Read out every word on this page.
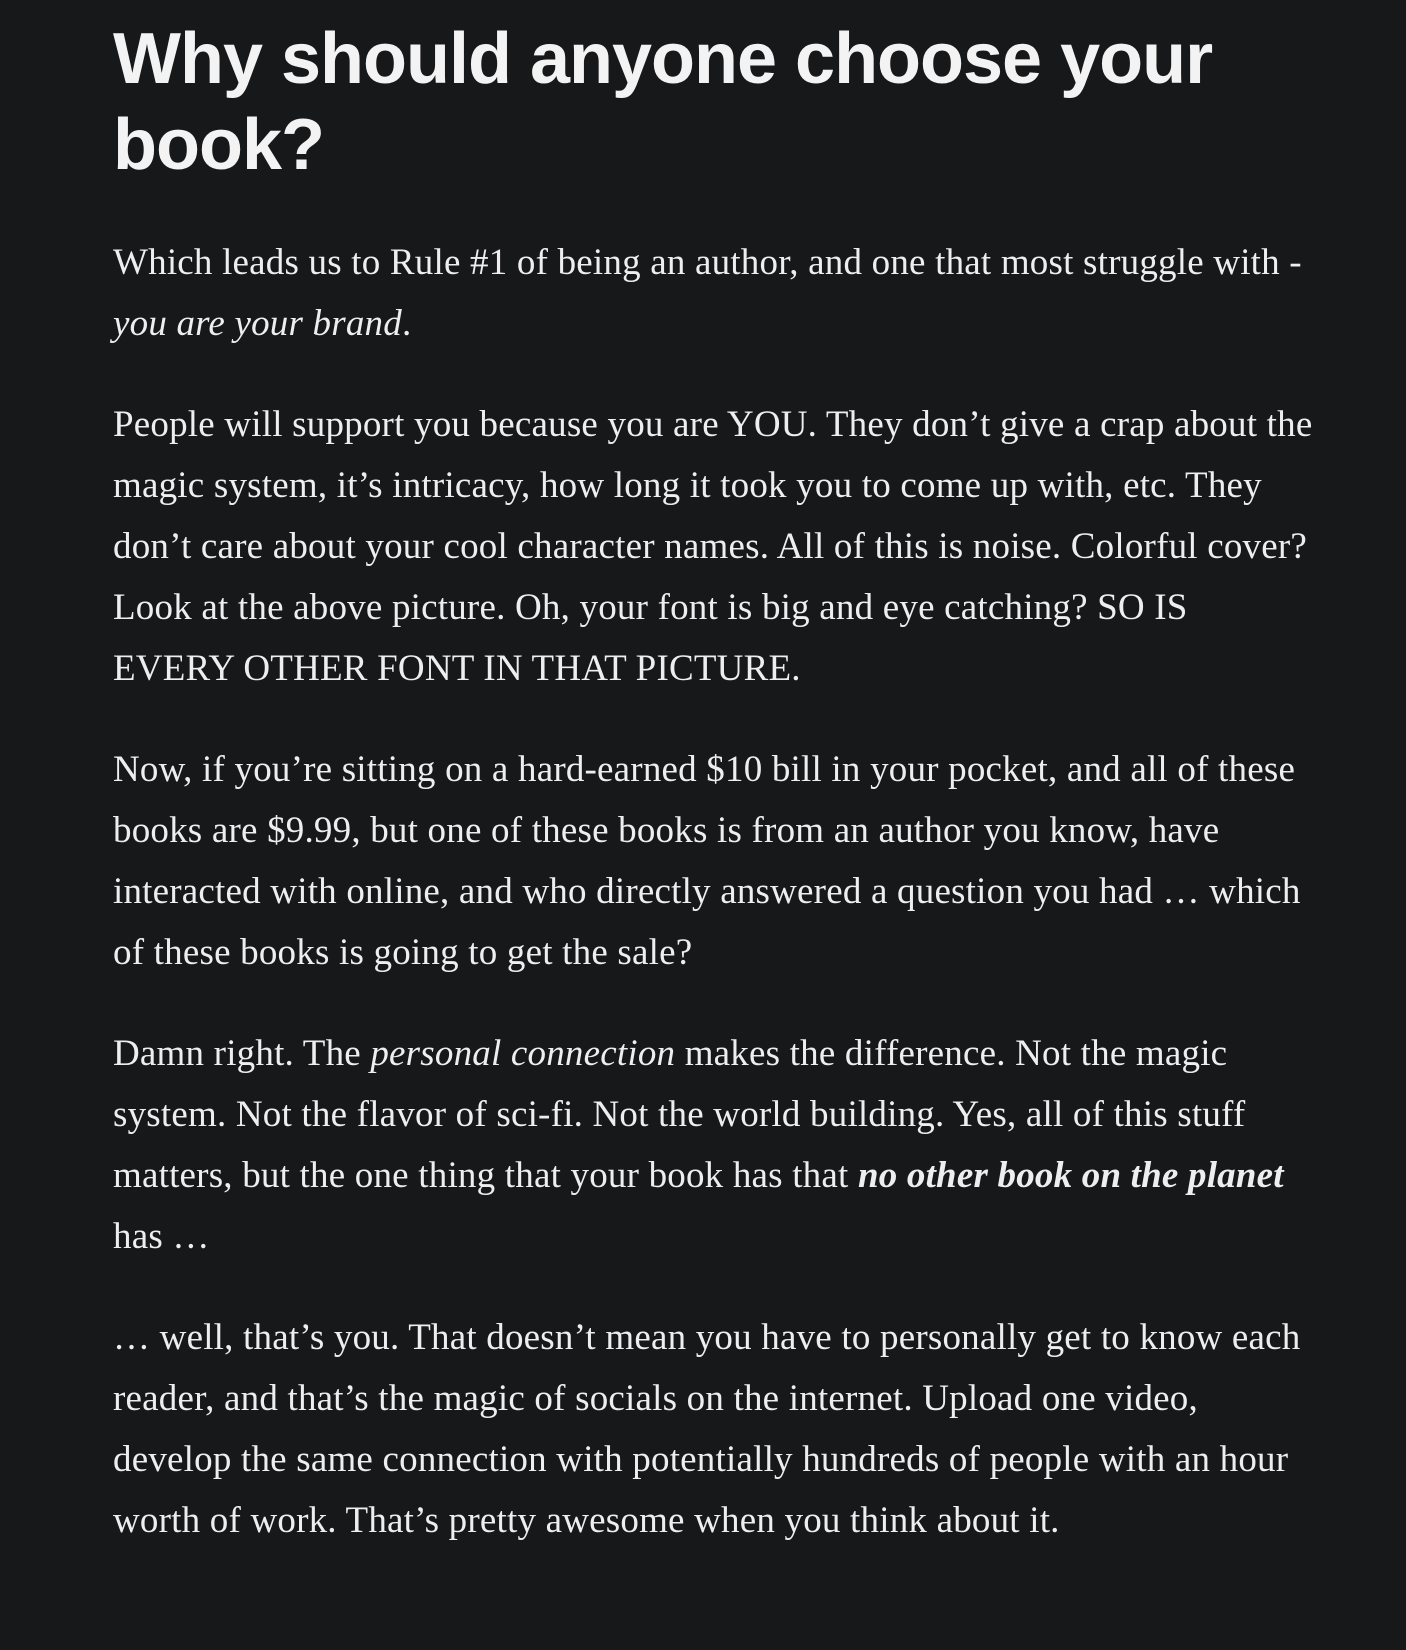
Why should anyone choose your book?

Which leads us to Rule #1 of being an author, and one that most struggle with - you are your brand.

People will support you because you are YOU. They don’t give a crap about the magic system, it’s intricacy, how long it took you to come up with, etc. They don’t care about your cool character names. All of this is noise. Colorful cover? Look at the above picture. Oh, your font is big and eye catching? SO IS EVERY OTHER FONT IN THAT PICTURE.

Now, if you’re sitting on a hard-earned $10 bill in your pocket, and all of these books are $9.99, but one of these books is from an author you know, have interacted with online, and who directly answered a question you had … which of these books is going to get the sale?

Damn right. The personal connection makes the difference. Not the magic system. Not the flavor of sci-fi. Not the world building. Yes, all of this stuff matters, but the one thing that your book has that no other book on the planet has …

… well, that’s you. That doesn’t mean you have to personally get to know each reader, and that’s the magic of socials on the internet. Upload one video, develop the same connection with potentially hundreds of people with an hour worth of work. That’s pretty awesome when you think about it.
